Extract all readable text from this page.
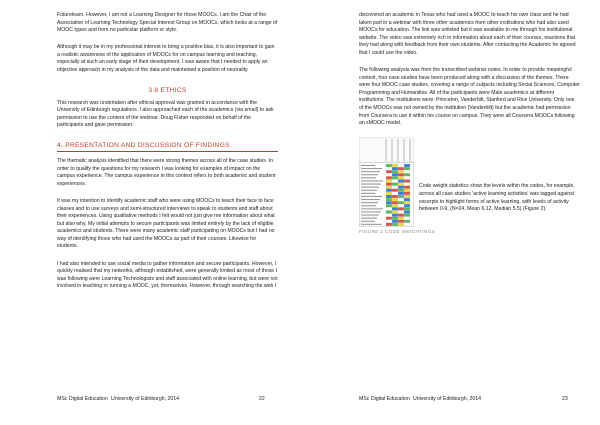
Futurelearn. However, I am not a Learning Designer for those MOOCs. I am the Chair of the Association of Learning Technology Special Interest Group on MOOCs, which looks at a range of MOOC types and from no particular platform or style.

Although it may be in my professional interest to bring a positive bias, it is also important to gain a realistic awareness of the application of MOOCs for on campus learning and teaching, especially at such an early stage of their development. I was aware that I needed to apply an objective approach in my analysis of the data and maintained a position of neutrality.

3.8 ETHICS

This research was undertaken after ethical approval was granted in accordance with the University of Edinburgh regulations. I also approached each of the academics (via email) to ask permission to use the content of the webinar. Doug Fisher responded on behalf of the participants and gave permission.

4. PRESENTATION AND DISCUSSION OF FINDINGS

The thematic analysis identified that there were strong themes across all of the case studies. In order to qualify the questions for my research I was looking for examples of impact on the campus experience. The campus experience in this context refers to both academic and student experiences.

It was my intention to identify academic staff who were using MOOCs to teach their face to face classes and to use surveys and semi-structured interviews to speak to students and staff about their experiences. Using qualitative methods I felt would not just give me information about what but also why. My initial attempts to secure participants was limited entirely by the lack of eligible academics and students. There were many academic staff participating on MOOCs but I had no way of identifying those who had used the MOOCs as part of their courses. Likewise for students.

I had also intended to use social media to gather information and secure participants. However, I quickly realised that my networks, although established, were generally limited as most of those I was following were Learning Technologists and staff associated with online learning, but were not involved in teaching or running a MOOC, yet, themselves. However, through searching the web I

MSc Digital Education University of Edinburgh, 2014	22

discovered an academic in Texas who had used a MOOC to teach his own class and he had taken part in a webinar with three other academics from other institutions who had also used MOOCs for education. The link was unlisted but it was available to me through his institutional website. The video was extremely rich in information about each of their courses, reactions that they had along with feedback from their own students. After contacting the Academic he agreed that I could use the video.

The following analysis was from the transcribed webinar notes. In order to provide meaningful context, four case studies have been produced along with a discussion of the themes. There were four MOOC case studies, covering a range of subjects including Social Sciences, Computer Programming and Humanities. All of the participants were Male academics at different institutions. The institutions were: Princeton, Vanderbilt, Stanford and Rice University. Only one of the MOOCs was not owned by the institution (Vanderbilt) but the academic had permission from Coursera to use it within his course on campus. They were all Coursera MOOCs following an xMOOC model.

Code weight statistics show the levels within the codes, for example, across all case studies 'active learning activities' was tagged against excerpts to highlight forms of active learning, with levels of activity between 0-9, (N=24, Mean 6.12, Median 5.5) (Figure 2).

FIGURE 2 CODE WEIGHTINGS
MSc Digital Education University of Edinburgh, 2014	23
